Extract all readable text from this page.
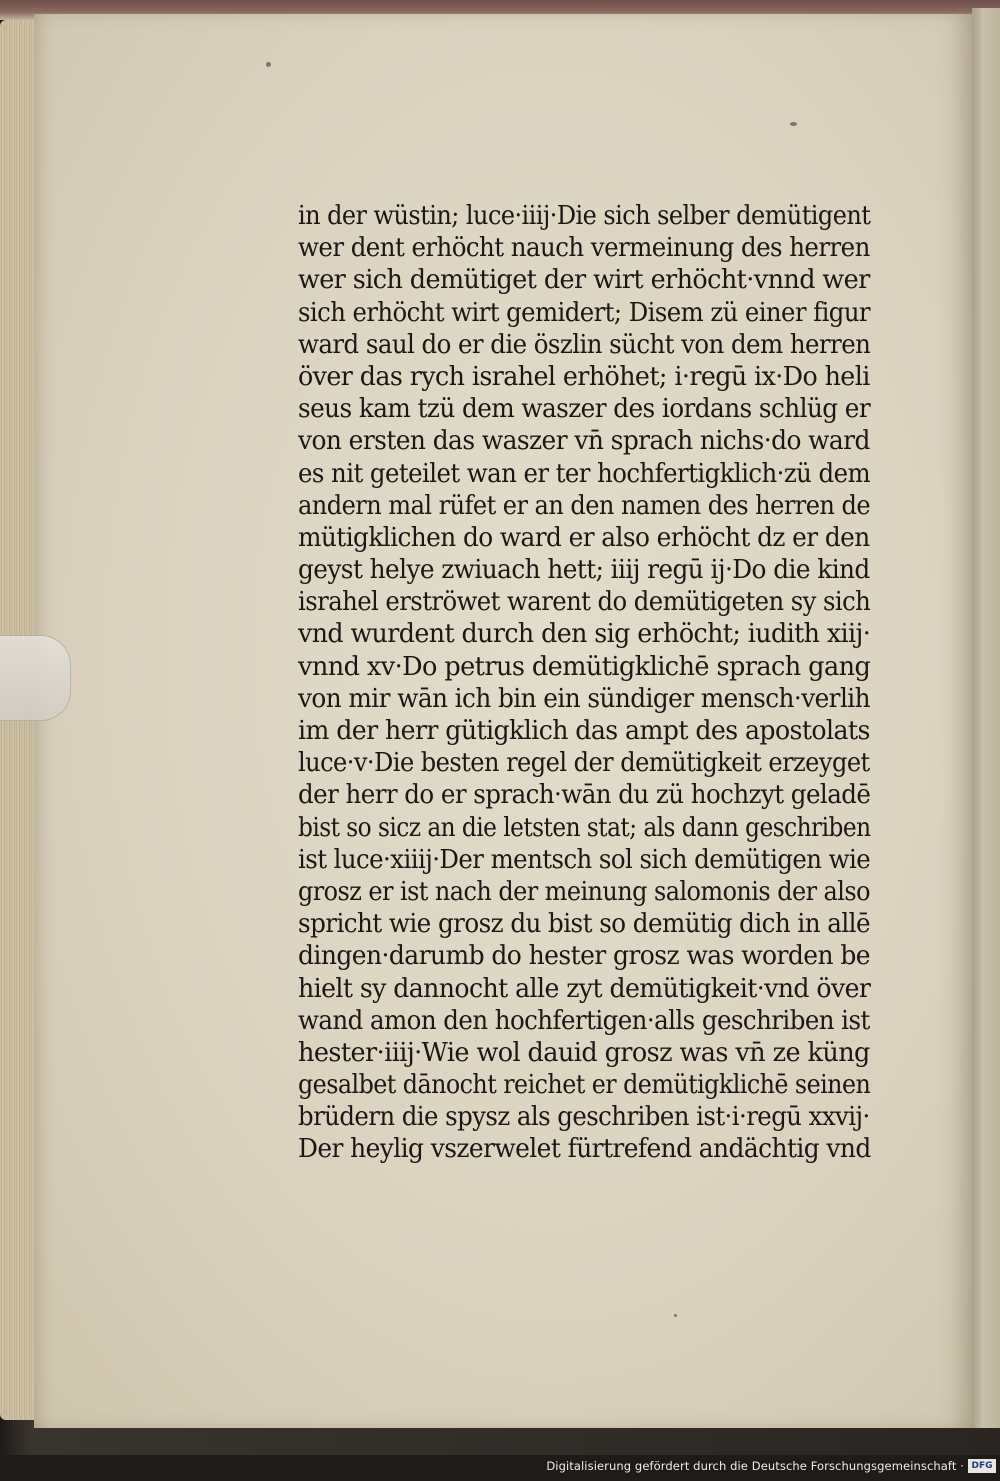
in der wüstin; luce·iiij·Die sich selber demütigent
wer dent erhöcht nauch vermeinung des herren
wer sich demütiget der wirt erhöcht·vnnd wer
sich erhöcht wirt gemidert; Disem zü einer figur
ward saul do er die öszlin sücht von dem herren
över das rych israhel erhöhet; i·regū ix·Do heli
seus kam tzü dem waszer des iordans schlüg er
von ersten das waszer vn̄ sprach nichs·do ward
es nit geteilet wan er ter hochfertigklich·zü dem
andern mal rüfet er an den namen des herren de
mütigklichen do ward er also erhöcht dz er den
geyst helye zwiuach hett; iiij regū ij·Do die kind
israhel erströwet warent do demütigeten sy sich
vnd wurdent durch den sig erhöcht; iudith xiij·
vnnd xv·Do petrus demütigklichē sprach gang
von mir wān ich bin ein sündiger mensch·verlih
im der herr gütigklich das ampt des apostolats
luce·v·Die besten regel der demütigkeit erzeyget
der herr do er sprach·wān du zü hochzyt geladē
bist so sicz an die letsten stat; als dann geschriben
ist luce·xiiij·Der mentsch sol sich demütigen wie
grosz er ist nach der meinung salomonis der also
spricht wie grosz du bist so demütig dich in allē
dingen·darumb do hester grosz was worden be
hielt sy dannocht alle zyt demütigkeit·vnd över
wand amon den hochfertigen·alls geschriben ist
hester·iiij·Wie wol dauid grosz was vn̄ ze küng
gesalbet dānocht reichet er demütigklichē seinen
brüdern die spysz als geschriben ist·i·regū xxvij·
Der heylig vszerwelet fürtrefend andächtig vnd
Digitalisierung gefördert durch die Deutsche Forschungsgemeinschaft · DFG
